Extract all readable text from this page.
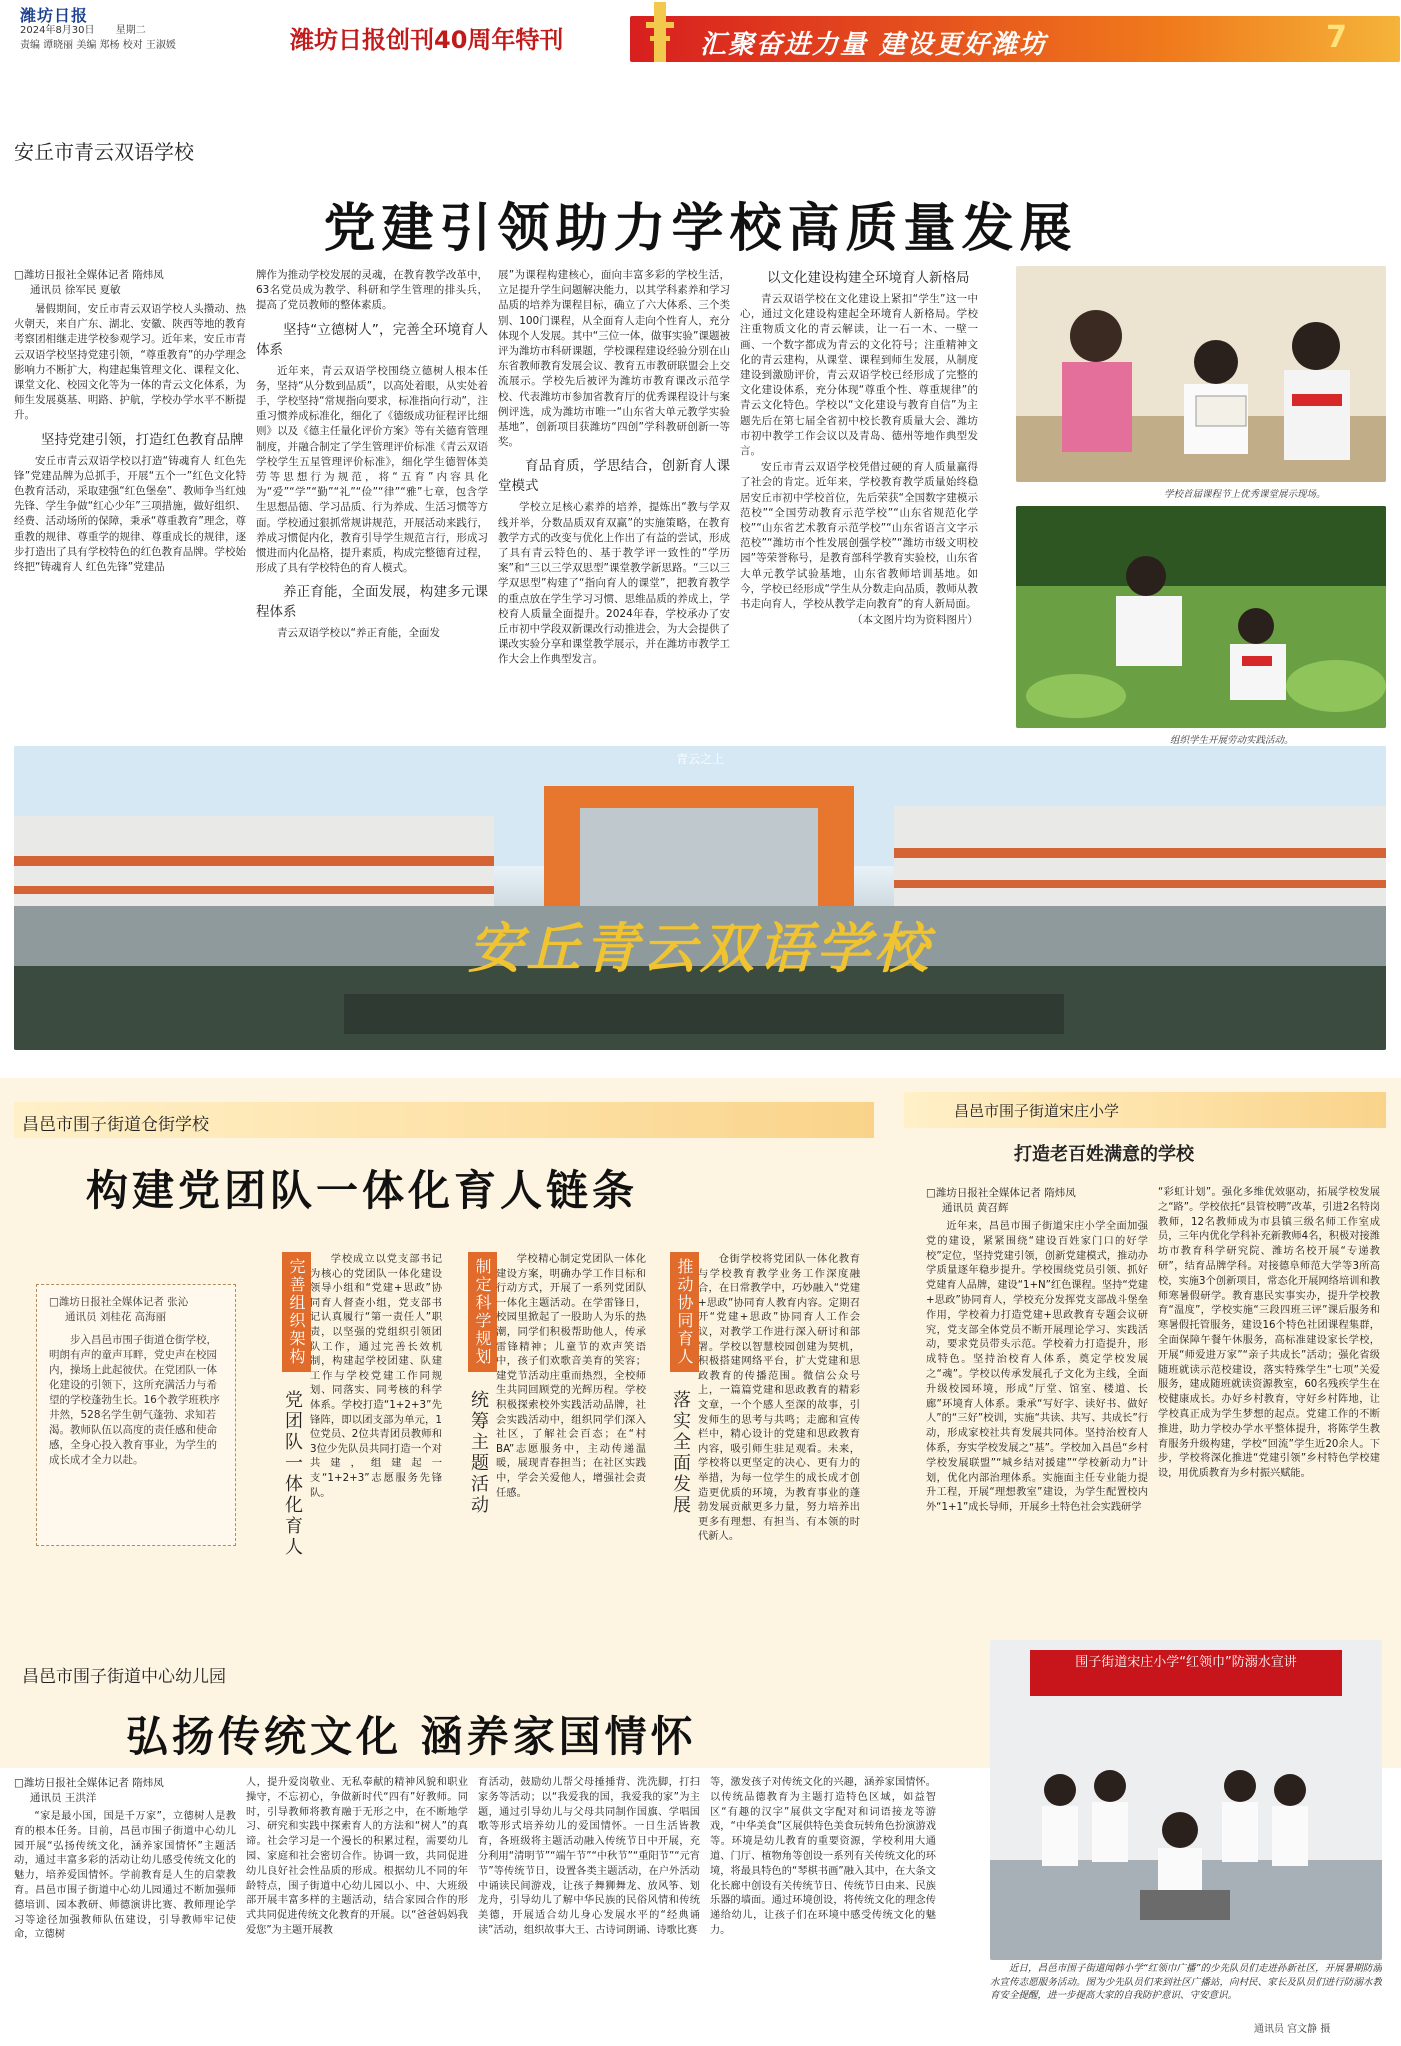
潍坊日报
2024年8月30日 星期二
责编 谭晓丽 美编 郑杨 校对 王淑媛	潍坊日报创刊40周年特刊	汇聚奋进力量 建设更好潍坊	7
安丘市青云双语学校
党建引领助力学校高质量发展
□潍坊日报社全媒体记者 隋炜凤
通讯员 徐军民 夏敏

暑假期间，安丘市青云双语学校人头攒动、热火朝天，来自广东、湖北、安徽、陕西等地的教育考察团相继走进学校参观学习。近年来，安丘市青云双语学校坚持党建引领，“尊重教育”的办学理念影响力不断扩大，构建起集管理文化、课程文化、课堂文化、校园文化等为一体的青云文化体系，为师生发展奠基、明路、护航，学校办学水平不断提升。

坚持党建引领，打造红色教育品牌

安丘市青云双语学校以打造“铸魂育人 红色先锋”党建品牌为总抓手，开展“五个一”红色文化特色教育活动，采取建强“红色堡垒”、教师争当红烛先锋、学生争做“红心少年”三项措施，做好组织、经费、活动场所的保障，秉承“尊重教育”理念，尊重教的规律、尊重学的规律、尊重成长的规律，逐步打造出了具有学校特色的红色教育品牌。学校始终把“铸魂育人 红色先锋”党建品

牌作为推动学校发展的灵魂，在教育教学改革中，63名党员成为教学、科研和学生管理的排头兵，提高了党员教师的整体素质。

坚持“立德树人”，完善全环境育人体系

近年来，青云双语学校围绕立德树人根本任务，坚持“从分数到品质”，以高处着眼，从实处着手，学校坚持“常规指向要求，标准指向行动”，注重习惯养成标准化，细化了《德级成功征程评比细则》以及《德主任量化评价方案》等有关德育管理制度，并融合制定了学生管理评价标准《青云双语学校学生五星管理评价标准》，细化学生德智体美劳等思想行为规范，将“五育”内容具化为“爱”“学”“勤”“礼”“俭”“律”“雅”七章，包含学生思想品德、学习品质、行为养成、生活习惯等方面。学校通过狠抓常规讲规范，开展活动来践行，养成习惯促内化，教育引导学生规范言行，形成习惯进而内化品格，提升素质，构成完整德育过程，形成了具有学校特色的育人模式。

养正育能，全面发展，构建多元课程体系

青云双语学校以“养正育能，全面发

展”为课程构建核心，面向丰富多彩的学校生活，立足提升学生问题解决能力，以其学科素养和学习品质的培养为课程目标，确立了六大体系、三个类别、100门课程，从全面育人走向个性育人，充分体现个人发展。其中“三位一体，做事实验”课题被评为潍坊市科研课题，学校课程建设经验分别在山东省教师教育发展会议、教育五市教研联盟会上交流展示。学校先后被评为潍坊市教育课改示范学校、代表潍坊市参加省教育厅的优秀课程设计与案例评选，成为潍坊市唯一“山东省大单元教学实验基地”，创新项目获潍坊“四创”学科教研创新一等奖。

育品育质，学思结合，创新育人课堂模式

学校立足核心素养的培养，提炼出“教与学双线并举，分数品质双育双赢”的实施策略，在教育教学方式的改变与优化上作出了有益的尝试，形成了具有青云特色的、基于教学评一致性的“学历案”和“三以三学双思型”课堂教学新思路。“三以三学双思型”构建了“指向育人的课堂”，把教育教学的重点放在学生学习习惯、思维品质的养成上，学校育人质量全面提升。2024年春，学校承办了安丘市初中学段双新课改行动推进会，为大会提供了课改实验分享和课堂教学展示，并在潍坊市教学工作大会上作典型发言。

以文化建设构建全环境育人新格局

青云双语学校在文化建设上紧扣“学生”这一中心，通过文化建设构建起全环境育人新格局。学校注重物质文化的青云解读，让一石一木、一壁一画、一个数字都成为青云的文化符号；注重精神文化的青云建构，从课堂、课程到师生发展，从制度建设到激励评价，青云双语学校已经形成了完整的文化建设体系，充分体现“尊重个性、尊重规律”的青云文化特色。学校以“文化建设与教育自信”为主题先后在第七届全省初中校长教育质量大会、潍坊市初中教学工作会议以及青岛、德州等地作典型发言。

安丘市青云双语学校凭借过硬的育人质量赢得了社会的肯定。近年来，学校教育教学质量始终稳居安丘市初中学校首位，先后荣获“全国数字建模示范校”“全国劳动教育示范学校”“山东省规范化学校”“山东省艺术教育示范学校”“山东省语言文字示范校”“潍坊市个性发展创强学校”“潍坊市级文明校园”等荣誉称号，是教育部科学教育实验校，山东省大单元教学试验基地，山东省教师培训基地。如今，学校已经形成“学生从分数走向品质，教师从教书走向育人，学校从教学走向教育”的育人新局面。

（本文图片均为资料图片）
学校首届课程节上优秀课堂展示现场。
组织学生开展劳动实践活动。
青云之上
安丘青云双语学校
昌邑市围子街道仓街学校
构建党团队一体化育人链条
□潍坊日报社全媒体记者 张沁
通讯员 刘桂花 高海丽

步入昌邑市围子街道仓街学校，明朗有声的童声耳畔，党史声在校园内，操场上此起彼伏。在党团队一体化建设的引领下，这所充满活力与希望的学校蓬勃生长。16个教学班秩序井然，528名学生朝气蓬勃、求知若渴。教师队伍以高度的责任感和使命感，全身心投入教育事业，为学生的成长成才全力以赴。

完善组织架构
党团队一体化育人

学校成立以党支部书记为核心的党团队一体化建设领导小组和“党建+思政”协同育人督查小组，党支部书记认真履行“第一责任人”职责，以坚强的党组织引领团队工作，通过完善长效机制，构建起学校团建、队建工作与学校党建工作同规划、同落实、同考核的科学体系。学校打造“1+2+3”先锋阵，即以团支部为单元，1位党员、2位共青团员教师和3位少先队员共同打造一个对共建，组建起一支“1+2+3”志愿服务先锋队。

制定科学规划
统筹主题活动

学校精心制定党团队一体化建设方案，明确办学工作目标和行动方式，开展了一系列党团队一体化主题活动。在学雷锋日，校园里掀起了一股助人为乐的热潮，同学们积极帮助他人，传承雷锋精神；儿童节的欢声笑语中，孩子们欢歌音美育的笑容；建党节活动庄重而热烈，全校师生共同回顾党的光辉历程。学校积极探索校外实践活动品牌，社会实践活动中，组织同学们深入社区，了解社会百态；在“村BA”志愿服务中，主动传递温暖，展现青春担当；在社区实践中，学会关爱他人，增强社会责任感。

推动协同育人
落实全面发展

仓街学校将党团队一体化教育与学校教育教学业务工作深度融合，在日常教学中，巧妙融入“党建+思政”协同育人教育内容。定期召开“党建+思政”协同育人工作会议，对教学工作进行深入研讨和部署。学校以智慧校园创建为契机，积极搭建网络平台，扩大党建和思政教育的传播范围。微信公众号上，一篇篇党建和思政教育的精彩文章，一个个感人至深的故事，引发师生的思考与共鸣；走廊和宣传栏中，精心设计的党建和思政教育内容，吸引师生驻足观看。未来，学校将以更坚定的决心、更有力的举措，为每一位学生的成长成才创造更优质的环境，为教育事业的蓬勃发展贡献更多力量，努力培养出更多有理想、有担当、有本领的时代新人。

昌邑市围子街道宋庄小学
打造老百姓满意的学校
□潍坊日报社全媒体记者 隋炜凤
通讯员 黄召辉

近年来，昌邑市围子街道宋庄小学全面加强党的建设，紧紧围绕“建设百姓家门口的好学校”定位，坚持党建引领，创新党建模式，推动办学质量逐年稳步提升。学校围绕党员引领、抓好党建育人品牌，建设“1+N”红色课程。坚持“党建+思政”协同育人，学校充分发挥党支部战斗堡垒作用，学校着力打造党建+思政教育专题会议研究，党支部全体党员不断开展理论学习、实践活动，要求党员带头示范。学校着力打造提升，形成特色。坚持治校育人体系，奠定学校发展之“魂”。学校以传承发展孔子文化为主线，全面升级校园环境，形成“厅堂、馆室、楼道、长廊”环境育人体系。秉承“写好字、读好书、做好人”的“三好”校训，实施“共读、共写、共成长”行动，形成家校社共育发展共同体。坚持治校育人体系，夯实学校发展之“基”。学校加入昌邑“乡村学校发展联盟”“城乡结对援建”“学校新动力”计划，优化内部治理体系。实施面主任专业能力提升工程，开展“理想教室”建设，为学生配置校内外“1+1”成长导师，开展乡土特色社会实践研学

“彩虹计划”。强化多维优效驱动，拓展学校发展之“路”。学校依托“县管校聘”改革，引进2名特岗教师，12名教师成为市县镇三级名师工作室成员，三年内优化学科补充新教师4名，积极对接潍坊市教育科学研究院、潍坊名校开展“专递教研”，结育品牌学科。对接德阜师范大学等3所高校，实施3个创新项目，常态化开展网络培训和教师寒暑假研学。教育惠民实事实办，提升学校教育“温度”，学校实施“三段四班三评”课后服务和寒暑假托管服务，建设16个特色社团课程集群，全面保障午餐午休服务，高标准建设家长学校，开展“师爱进万家”“亲子共成长”活动；强化省级随班就读示范校建设，落实特殊学生“七项”关爱服务，建成随班就读资源教室，60名残疾学生在校健康成长。办好乡村教育，守好乡村阵地，让学校真正成为学生梦想的起点。党建工作的不断推进，助力学校办学水平整体提升，将陈学生教育服务升级构建，学校“回流”学生近20余人。下步，学校将深化推进“党建引领”乡村特色学校建设，用优质教育为乡村振兴赋能。

围子街道宋庄小学“红领巾”防溺水宣讲

近日，昌邑市围子街道闻韩小学“红领巾广播”的少先队员们走进孙新社区，开展暑期防溺水宣传志愿服务活动。图为少先队员们来到社区广播站，向村民、家长及队员们进行防溺水教育安全提醒，进一步提高大家的自我防护意识、守安意识。

通讯员 宫文静 摄
昌邑市围子街道中心幼儿园
弘扬传统文化 涵养家国情怀
□潍坊日报社全媒体记者 隋炜凤
通讯员 王洪洋

“家是最小国，国是千万家”，立德树人是教育的根本任务。目前，昌邑市围子街道中心幼儿园开展“弘扬传统文化，涵养家国情怀”主题活动，通过丰富多彩的活动让幼儿感受传统文化的魅力，培养爱国情怀。学前教育是人生的启蒙教育。昌邑市围子街道中心幼儿园通过不断加强师德培训、园本教研、师德演讲比赛、教师理论学习等途径加强教师队伍建设，引导教师牢记使命，立德树

人，提升爱岗敬业、无私奉献的精神风貌和职业操守，不忘初心，争做新时代“四有”好教师。同时，引导教师将教育融于无形之中，在不断地学习、研究和实践中探索育人的方法和“树人”的真谛。社会学习是一个漫长的积累过程，需要幼儿园、家庭和社会密切合作。协调一致，共同促进幼儿良好社会性品质的形成。根据幼儿不同的年龄特点，围子街道中心幼儿园以小、中、大班级部开展丰富多样的主题活动，结合家园合作的形式共同促进传统文化教育的开展。以“爸爸妈妈我爱您”为主题开展教

育活动，鼓励幼儿帮父母捶捶背、洗洗脚，打扫家务等活动；以“我爱我的国，我爱我的家”为主题，通过引导幼儿与父母共同制作国旗、学唱国歌等形式培养幼儿的爱国情怀。一日生活皆教育，各班级将主题活动融入传统节日中开展，充分利用“清明节”“端午节”“中秋节”“重阳节”“元宵节”等传统节日，设置各类主题活动，在户外活动中诵读民间游戏，让孩子舞狮舞龙、放风筝、划龙舟，引导幼儿了解中华民族的民俗风情和传统美德，开展适合幼儿身心发展水平的“经典诵读”活动，组织故事大王、古诗词朗诵、诗歌比赛

等，激发孩子对传统文化的兴趣，涵养家国情怀。以传统品德教育为主题打造特色区域，如益智区“有趣的汉字”展供文字配对和词语接龙等游戏，“中华美食”区展供特色美食玩转角色扮演游戏等。环境是幼儿教育的重要资源，学校利用大通道、门厅、植物角等创设一系列有关传统文化的环境，将最具特色的“琴棋书画”融入其中，在大条文化长廊中创设有关传统节日、传统节日由来、民族乐器的墙面。通过环境创设，将传统文化的理念传递给幼儿，让孩子们在环境中感受传统文化的魅力。
